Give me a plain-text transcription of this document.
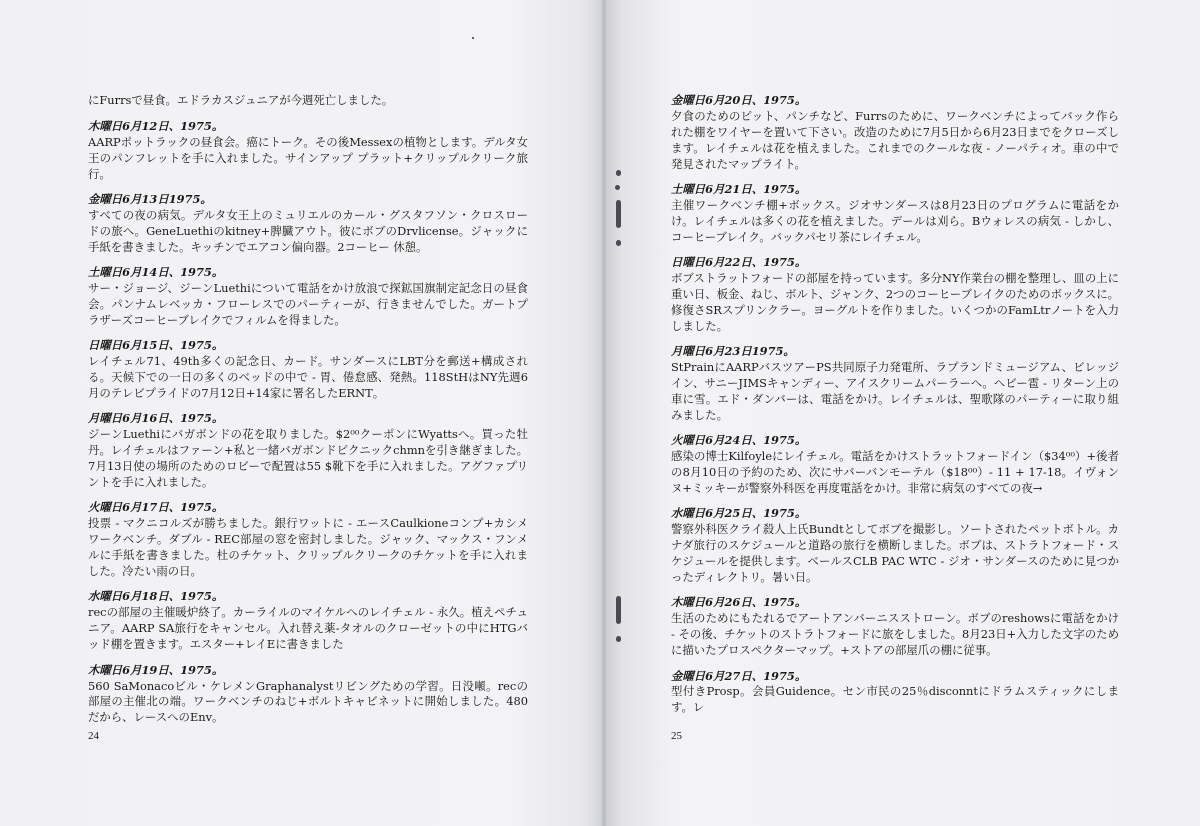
にFurrsで昼食。エドラカスジュニアが今週死亡しました。
木曜日6月12日、1975。
AARPポットラックの昼食会。癌にトーク。その後Messexの植物とします。デルタ女王のパンフレットを手に入れました。サインアップ プラット+クリップルクリーク旅行。
金曜日6月13日1975。
すべての夜の病気。デルタ女王上のミュリエルのカール・グスタフソン・クロスロードの旅へ。GeneLuethiのkitney+脾臓アウト。彼にボブのDrvlicense。ジャックに手紙を書きました。キッチンでエアコン偏向器。2コーヒー 休憩。
土曜日6月14日、1975。
サー・ジョージ、ジーンLuethiについて電話をかけ放浪で探鉱国旗制定記念日の昼食会。パンナムレベッカ・フローレスでのパーティーが、行きませんでした。ガートプラザーズコーヒーブレイクでフィルムを得ました。
日曜日6月15日、1975。
レイチェル71、49th多くの記念日、カード。サンダースにLBT分を郵送+構成される。天候下での一日の多くのベッドの中で - 胃、倦怠感、発熱。118StHはNY先週6月のテレビプライドの7月12日+14家に署名したERNT。
月曜日6月16日、1975。
ジーンLuethiにバガボンドの花を取りました。$2⁰⁰クーポンにWyattsへ。買った牡丹。レイチェルはファーン+私と一緒バガボンドピクニックchmnを引き継ぎました。7月13日使の場所のためのロビーで配置は55 $靴下を手に入れました。アグファプリントを手に入れました。
火曜日6月17日、1975。
投票 - マクニコルズが勝ちました。銀行ワットに - エースCaulkioneコンプ+カシメワークベンチ。ダブル - REC部屋の窓を密封しました。ジャック、マックス・フンメルに手紙を書きました。杜のチケット、クリップルクリークのチケットを手に入れました。冷たい雨の日。
水曜日6月18日、1975。
recの部屋の主催暖炉終了。カーライルのマイケルへのレイチェル - 永久。植えペチュニア。AARP SA旅行をキャンセル。入れ替え薬-タオルのクローゼットの中にHTGバッド棚を置きます。エスター+レイEに書きました
木曜日6月19日、1975。
560 SaMonacoビル・ケレメンGraphanalystリビングための学習。日没噸。recの部屋の主催北の端。ワークベンチのねじ+ボルトキャビネットに開始しました。480だから、レースへのEnv。
24
金曜日6月20日、1975。
夕食のためのピット、パンチなど、Furrsのために、ワークベンチによってバック作られた棚をワイヤーを置いて下さい。改造のために7月5日から6月23日までをクローズします。レイチェルは花を植えました。これまでのクールな夜 - ノーパティオ。車の中で発見されたマップライト。
土曜日6月21日、1975。
主催ワークベンチ棚+ボックス。ジオサンダースは8月23日のプログラムに電話をかけ。レイチェルは多くの花を植えました。デールは刈ら。Bウォレスの病気 - しかし、コーヒーブレイク。バックパセリ茶にレイチェル。
日曜日6月22日、1975。
ボブストラットフォードの部屋を持っています。多分NY作業台の棚を整理し、皿の上に重い日、板金、ねじ、ボルト、ジャンク、2つのコーヒーブレイクのためのボックスに。修復さSRスプリンクラー。ヨーグルトを作りました。いくつかのFamLtrノートを入力しました。
月曜日6月23日1975。
StPrainにAARPバスツアーPS共同原子力発電所、ラプランドミュージアム、ビレッジイン、サニーJIMSキャンディー、アイスクリームパーラーへ。ヘビー雹 - リターン上の車に雪。エド・ダンバーは、電話をかけ。レイチェルは、聖歌隊のパーティーに取り組みました。
火曜日6月24日、1975。
感染の博士Kilfoyleにレイチェル。電話をかけストラットフォードイン（$34⁰⁰）+後者の8月10日の予約のため、次にサバーバンモーテル（$18⁰⁰）- 11 + 17-18。イヴォンヌ+ミッキーが警察外科医を再度電話をかけ。非常に病気のすべての夜→
水曜日6月25日、1975。
警察外科医クライ殺人上氏Bundtとしてボブを撮影し。ソートされたペットボトル。カナダ旅行のスケジュールと道路の旅行を横断しました。ボブは、ストラトフォード・スケジュールを提供します。ベールスCLB PAC WTC - ジオ・サンダースのために見つかったディレクトリ。暑い日。
木曜日6月26日、1975。
生活のためにもたれるでアートアンバーニスストローン。ボブのreshowsに電話をかけ - その後、チケットのストラトフォードに旅をしました。8月23日+入力した文字のために描いたプロスペクターマップ。+ストアの部屋爪の棚に従事。
金曜日6月27日、1975。
型付きProsp。会員Guidence。セン市民の25％disconntにドラムスティックにします。レ
25
